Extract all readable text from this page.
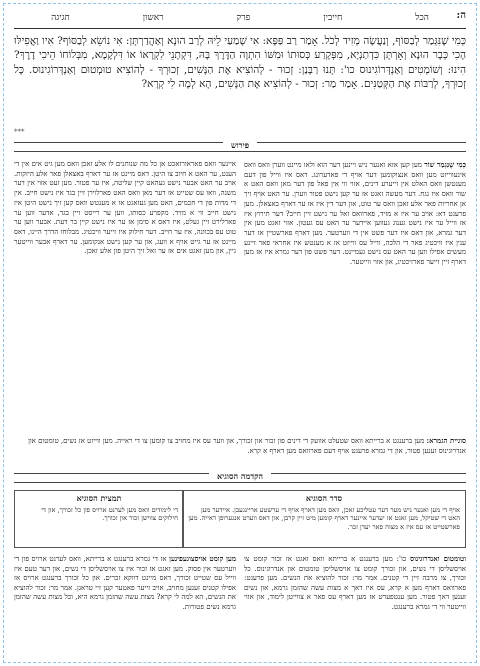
ה:
הכל חייבין פרק ראשון חגיגה
כְּמִי שֶׁנִּגְּמַר לְבַסּוֹף, וְנַעֲשָׂה מְזִיד לְכֹל. אָמַר רַב פַּפָּא: אִי שָׁמַעַי לֵיהּ לְרַב הוּנָא וְאַהֲדַרְתָּן: אִי נוֹשֵׂא לְבַסּוֹף? אִיו וַאֲפִילּוּ הָכִי כְּבָר הוּנָא וְאָרְתָּן כִּדְתַנְיָא, מִפְּקָרַע כְּסוּתוֹ וּמִשּׁוֹ הִתְוָה הַדֶּרֶךְ בָּהּ, דִּקְתָנֵי לִקְרָאוֹ אוֹ דִּלְקָמָא, מִבְּלוֹחוֹ הֵיכִי דֶרֶךְ? הִינוּ: וְשׁוֹמְטִים וְאַנְדְּרוֹגִינוּס כו': תָּנוּ רַבָּנַן: זְכוּר - לְהוֹצִיא אֶת הַנָּשִׁים, זְכוּרְךָ - לְהוֹצִיא טוּמְטוּם וְאַנְדְּרוֹגִינוּס. כָּל זְכוּרְךָ, לְרַבּוֹת אֶת הַקְּטַנִּים. אָמַר מַר: זְכוּר - לְהוֹצִיא אֶת הַנָּשִׁים, הָא לְמָה לִי קְרָא?
***
פירוש
כְּמִי שֶׁנִּגְמַר שׁוֹר מען קען אזא ואנער ניש ויינען דער הוא ולאו מיינט ווערן וואס וואס אינעווייזט מען וואס אנצוקומען דער אויף די פאדערונג. דאס איז ווייל פון דעם מענטשן וואס האלט אין זייערע דינים, אזוי ווי אין פאל פון דער מאן וואס האט א שור וואס איז נגח. דער מעשה זאגט אז ער קען נישט פטור ווערן. ער האט אויף זיך אן אחריות פאר אלע זאכן וואס ער טוט, און דער דין איז אז ער דארף באצאלן. מען פרעגט דא: אויב ער איז א מזיד, פארוואס זאל ער נישט זיין חייב? דער תירוץ איז אז ווייל ער איז נישט גענוג געווען איידער ער האט עס געטון. אזוי זאגט מען אין דער גמרא, און דאס איז דער פשט אין די ווערטער. מען דארף פארשטיין אז דער ענין איז וויכטיג פאר די הלכה, ווייל עס ווייזט אז א מענטש איז אחראי פאר זיינע מעשים אפילו ווען ער האט עס נישט געמיינט. דער פשט פון דער גמרא איז אז מען דארף זיין זייער פארזיכטיג, און אזוי ווייטער.
איינער וואס פאראורזאכט אן כל מה שנותנים לו אלע זאכן וואס מען גיט אים אין די הענט, ער האט א חיוב צו היטן. דאס מיינט אז ער דארף באצאלן פאר אלע היזקות. אויב ער האט אבער נישט געהאט קיין שליטה, איז ער פטור. מען זעט אזוי אין דער משנה, וואו עס שטייט אז דער מאן וואס האט פארלוירן זיין בגד איז נישט חייב. אין די מדות פון די חכמים, האט מען געזאגט אז א מענטש וואס קען זיך נישט היטן איז נישט חייב ווי א מזיד. מקפרע כסותו, ווען ער רייסט זיין בגד, אדער ווען ער פארלירט זיין געלט, איז דאס א סימן אז ער איז נישט קיין בר דעת. אבער ווען ער טוט עס בכוונה, איז ער חייב. דער חילוק איז זייער וויכטיג. מבלוחו הדרך היינו, דאס מיינט אז ער גייט אויף א וועג, און ער קען נישט אנקומען. ער דארף אבער ווייטער גיין, און מען זאגט אים אז ער זאל זיך היטן פון אלע זאכן.
סוגיית הגמרא: מען ברענגט א ברייתא וואס שטעלט אוועק די דינים פון זכור און זכורך, און ווער עס איז מחויב צו קומען צו די ראייה. מען ווייזט אז נשים, טומטום און אנדרוגינוס זענען פטור, און די גמרא פרעגט אויף דעם פארוואס מען דארף א קרא.
הקדמה הסוגיא
סדר הסוגיא
אויף די מען ואנער ניש מער דער עטליכע זאכן, וואס מען דארף אויף די ערשטע אריינגעבן. איידער מען האט די שטיקל, מען זאגט אז יעדער איינער דארף קומען מיט זיין קרבן, און דאס ווערט אנגערופן ראייה. מען פארשטייט אז עס איז א מצוה פאר יעדן זכר.
תמצית הסוגיא
די לימודים וואס מען לערנט ארויס פון כל זכורך, און די חילוקים צווישן זכור און זכורך.
וטומטום ואנדרוגינוס כו': מען ברענגט א ברייתא וואס זאגט אז זכור קומט צו אויסשליסן די נשים, און זכורך קומט צו אויסשליסן טומטום און אנדרוגינוס. כל זכורך, צו מרבה זיין די קטנים. אמר מר: זכור להוציא את הנשים. מען פרעגט: פארוואס דארף מען א קרא, עס איז דאך א מצות עשה שהזמן גרמא, און נשים זענען דאך פטור. מען ענטפערט אז מען דארף עס פאר א צווייטן לימוד, און אזוי ווייטער ווי די גמרא ברענגט.
מען קומט אויסצוגעפינען אז די גמרא ברענגט א ברייתא, וואס לערנט ארויס פון די ווערטער אין פסוק. מען זאגט אז זכור איז צו אויסשליסן די נשים, און דער טעם איז ווייל עס שטייט זכורך, דאס מיינט דווקא זכרים. און כל זכורך ברענגט ארויס אז אפילו קטנים זענען מחויב, אויב זייער פאטער קען זיי טראגן. אמר מר: זכור להוציא את הנשים, הא למה לי קרא? מצות עשה שהזמן גרמא היא, וכל מצות עשה שהזמן גרמא נשים פטורות.
